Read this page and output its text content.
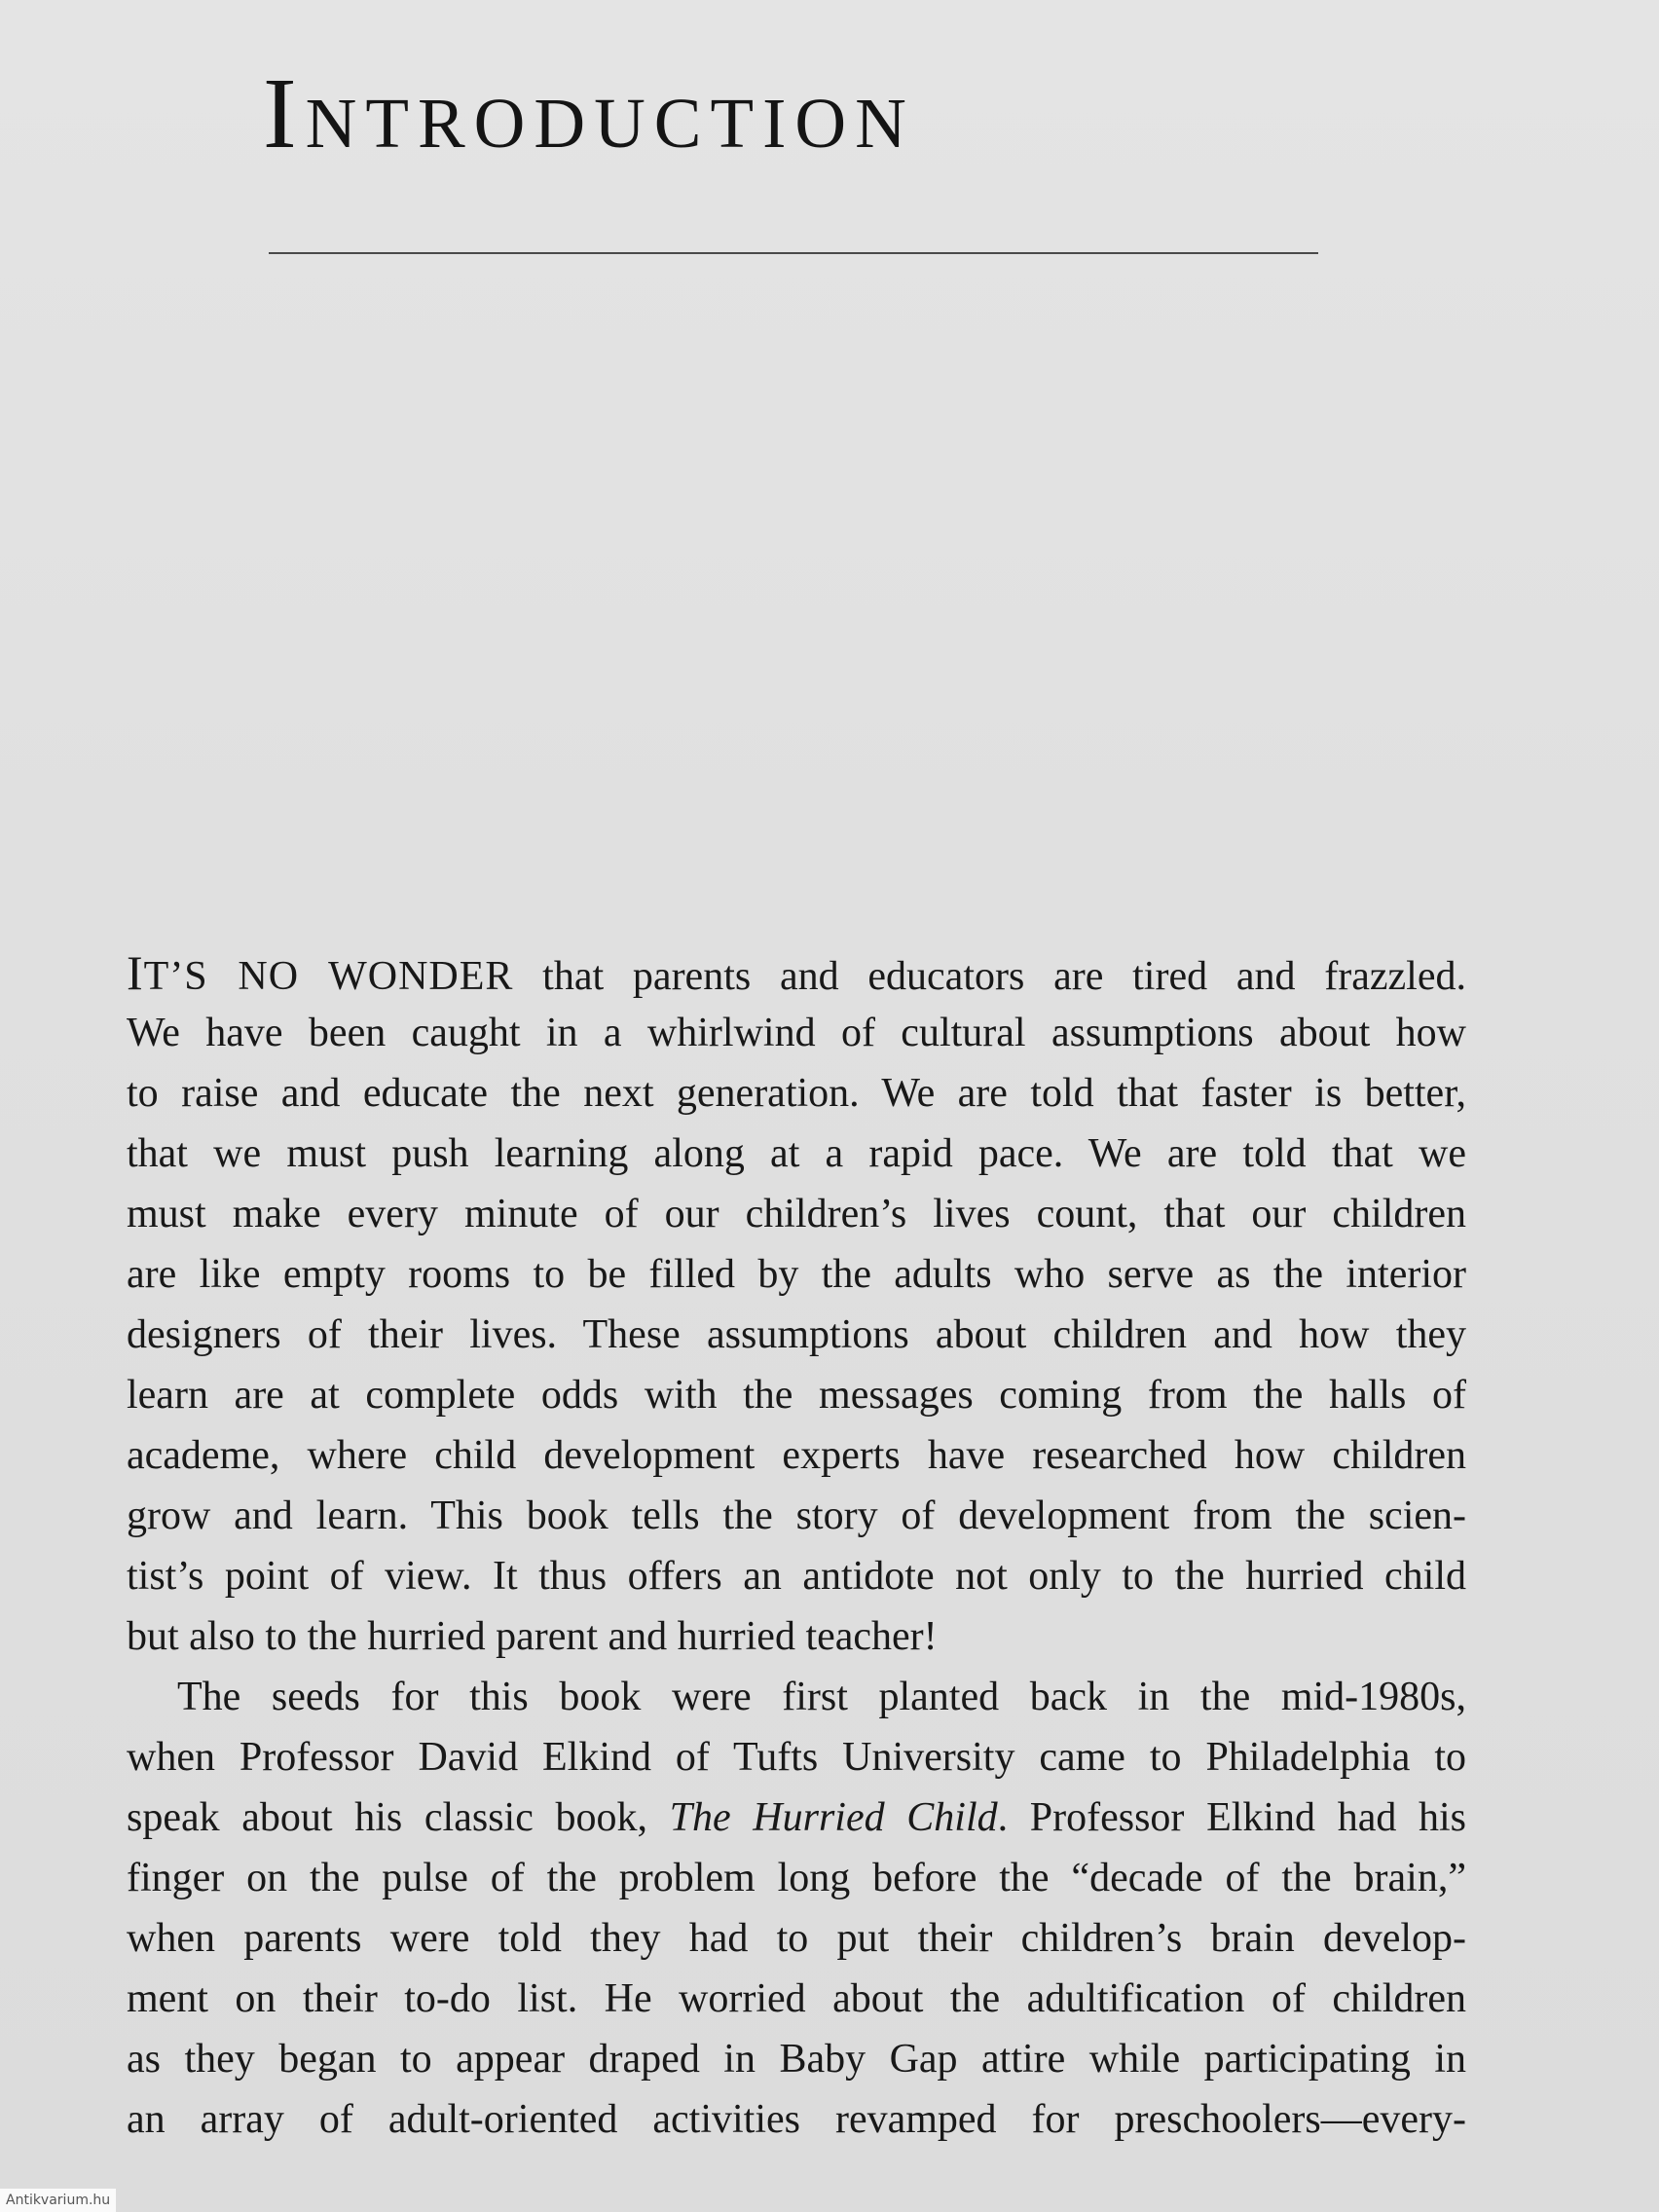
Introduction
IT’S NO WONDER that parents and educators are tired and frazzled.
We have been caught in a whirlwind of cultural assumptions about how
to raise and educate the next generation. We are told that faster is better,
that we must push learning along at a rapid pace. We are told that we
must make every minute of our children’s lives count, that our children
are like empty rooms to be filled by the adults who serve as the interior
designers of their lives. These assumptions about children and how they
learn are at complete odds with the messages coming from the halls of
academe, where child development experts have researched how children
grow and learn. This book tells the story of development from the scien-
tist’s point of view. It thus offers an antidote not only to the hurried child
but also to the hurried parent and hurried teacher!
The seeds for this book were first planted back in the mid-1980s,
when Professor David Elkind of Tufts University came to Philadelphia to
speak about his classic book, The Hurried Child. Professor Elkind had his
finger on the pulse of the problem long before the “decade of the brain,”
when parents were told they had to put their children’s brain develop-
ment on their to-do list. He worried about the adultification of children
as they began to appear draped in Baby Gap attire while participating in
an array of adult-oriented activities revamped for preschoolers—every-
Antikvarium.hu
